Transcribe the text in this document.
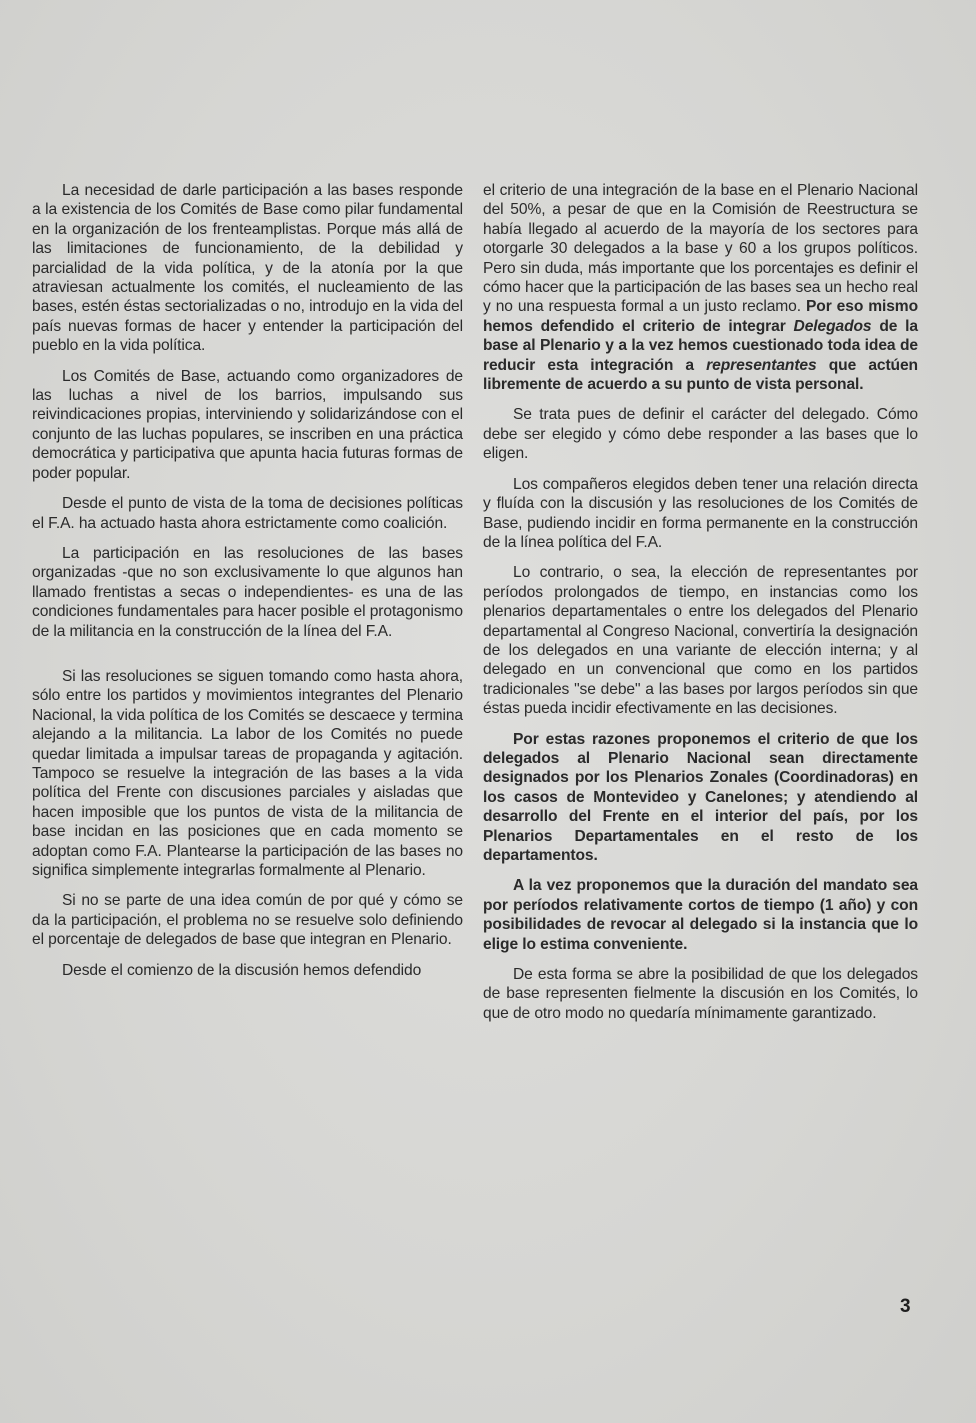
La necesidad de darle participación a las bases responde a la existencia de los Comités de Base como pilar fundamental en la organización de los frenteamplistas. Porque más allá de las limitaciones de funcionamiento, de la debilidad y parcialidad de la vida política, y de la atonía por la que atraviesan actualmente los comités, el nucleamiento de las bases, estén éstas sectorializadas o no, introdujo en la vida del país nuevas formas de hacer y entender la participación del pueblo en la vida política.

Los Comités de Base, actuando como organizadores de las luchas a nivel de los barrios, impulsando sus reivindicaciones propias, interviniendo y solidarizándose con el conjunto de las luchas populares, se inscriben en una práctica democrática y participativa que apunta hacia futuras formas de poder popular.

Desde el punto de vista de la toma de decisiones políticas el F.A. ha actuado hasta ahora estrictamente como coalición.

La participación en las resoluciones de las bases organizadas -que no son exclusivamente lo que algunos han llamado frentistas a secas o independientes- es una de las condiciones fundamentales para hacer posible el protagonismo de la militancia en la construcción de la línea del F.A.

Si las resoluciones se siguen tomando como hasta ahora, sólo entre los partidos y movimientos integrantes del Plenario Nacional, la vida política de los Comités se descaece y termina alejando a la militancia. La labor de los Comités no puede quedar limitada a impulsar tareas de propaganda y agitación. Tampoco se resuelve la integración de las bases a la vida política del Frente con discusiones parciales y aisladas que hacen imposible que los puntos de vista de la militancia de base incidan en las posiciones que en cada momento se adoptan como F.A. Plantearse la participación de las bases no significa simplemente integrarlas formalmente al Plenario.

Si no se parte de una idea común de por qué y cómo se da la participación, el problema no se resuelve solo definiendo el porcentaje de delegados de base que integran en Plenario.

Desde el comienzo de la discusión hemos defendido

el criterio de una integración de la base en el Plenario Nacional del 50%, a pesar de que en la Comisión de Reestructura se había llegado al acuerdo de la mayoría de los sectores para otorgarle 30 delegados a la base y 60 a los grupos políticos. Pero sin duda, más importante que los porcentajes es definir el cómo hacer que la participación de las bases sea un hecho real y no una respuesta formal a un justo reclamo. Por eso mismo hemos defendido el criterio de integrar Delegados de la base al Plenario y a la vez hemos cuestionado toda idea de reducir esta integración a representantes que actúen libremente de acuerdo a su punto de vista personal.

Se trata pues de definir el carácter del delegado. Cómo debe ser elegido y cómo debe responder a las bases que lo eligen.

Los compañeros elegidos deben tener una relación directa y fluída con la discusión y las resoluciones de los Comités de Base, pudiendo incidir en forma permanente en la construcción de la línea política del F.A.

Lo contrario, o sea, la elección de representantes por períodos prolongados de tiempo, en instancias como los plenarios departamentales o entre los delegados del Plenario departamental al Congreso Nacional, convertiría la designación de los delegados en una variante de elección interna; y al delegado en un convencional que como en los partidos tradicionales "se debe" a las bases por largos períodos sin que éstas pueda incidir efectivamente en las decisiones.

Por estas razones proponemos el criterio de que los delegados al Plenario Nacional sean directamente designados por los Plenarios Zonales (Coordinadoras) en los casos de Montevideo y Canelones; y atendiendo al desarrollo del Frente en el interior del país, por los Plenarios Departamentales en el resto de los departamentos.

A la vez proponemos que la duración del mandato sea por períodos relativamente cortos de tiempo (1 año) y con posibilidades de revocar al delegado si la instancia que lo elige lo estima conveniente.

De esta forma se abre la posibilidad de que los delegados de base representen fielmente la discusión en los Comités, lo que de otro modo no quedaría mínimamente garantizado.

3
